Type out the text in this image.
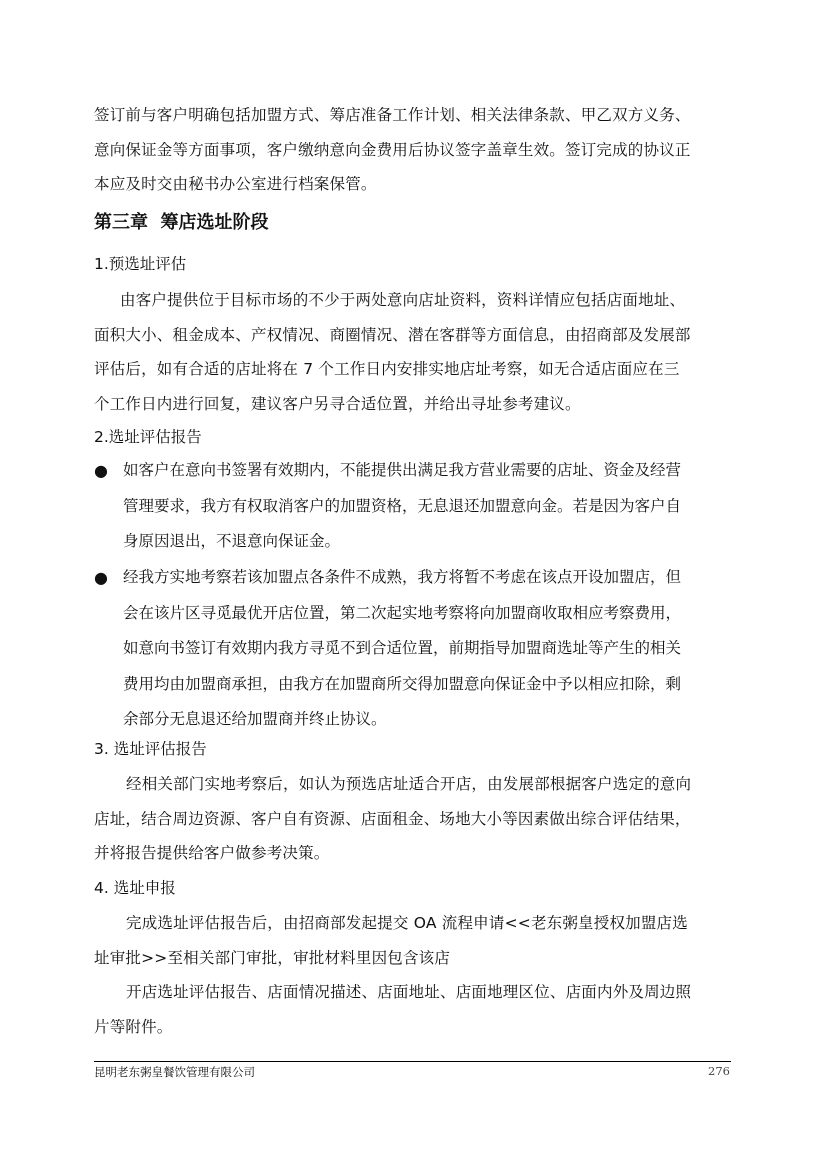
签订前与客户明确包括加盟方式、筹店准备工作计划、相关法律条款、甲乙双方义务、
意向保证金等方面事项，客户缴纳意向金费用后协议签字盖章生效。签订完成的协议正
本应及时交由秘书办公室进行档案保管。
第三章  筹店选址阶段
1.预选址评估
由客户提供位于目标市场的不少于两处意向店址资料，资料详情应包括店面地址、
面积大小、租金成本、产权情况、商圈情况、潜在客群等方面信息，由招商部及发展部
评估后，如有合适的店址将在 7 个工作日内安排实地店址考察，如无合适店面应在三
个工作日内进行回复，建议客户另寻合适位置，并给出寻址参考建议。
2.选址评估报告
● 如客户在意向书签署有效期内，不能提供出满足我方营业需要的店址、资金及经营
管理要求，我方有权取消客户的加盟资格，无息退还加盟意向金。若是因为客户自
身原因退出，不退意向保证金。
● 经我方实地考察若该加盟点各条件不成熟，我方将暂不考虑在该点开设加盟店，但
会在该片区寻觅最优开店位置，第二次起实地考察将向加盟商收取相应考察费用，
如意向书签订有效期内我方寻觅不到合适位置，前期指导加盟商选址等产生的相关
费用均由加盟商承担，由我方在加盟商所交得加盟意向保证金中予以相应扣除，剩
余部分无息退还给加盟商并终止协议。
3. 选址评估报告
经相关部门实地考察后，如认为预选店址适合开店，由发展部根据客户选定的意向
店址，结合周边资源、客户自有资源、店面租金、场地大小等因素做出综合评估结果，
并将报告提供给客户做参考决策。
4. 选址申报
完成选址评估报告后，由招商部发起提交 OA 流程申请<<老东粥皇授权加盟店选
址审批>>至相关部门审批，审批材料里因包含该店
开店选址评估报告、店面情况描述、店面地址、店面地理区位、店面内外及周边照
片等附件。
昆明老东粥皇餐饮管理有限公司	276
